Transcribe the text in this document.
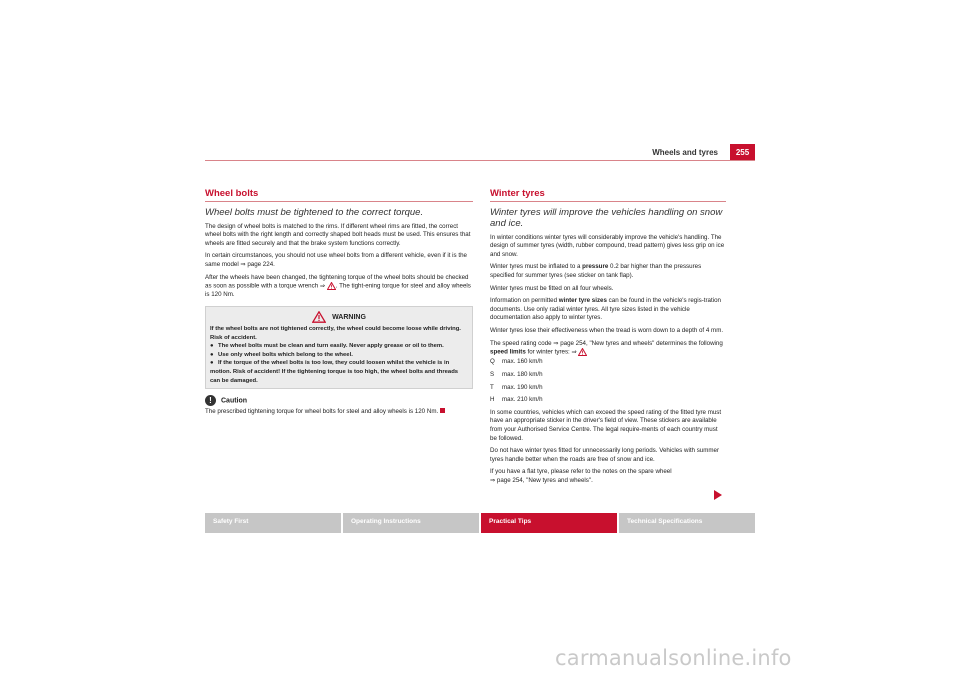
Wheels and tyres	255
Wheel bolts
Wheel bolts must be tightened to the correct torque.

The design of wheel bolts is matched to the rims. If different wheel rims are fitted, the correct wheel bolts with the right length and correctly shaped bolt heads must be used. This ensures that wheels are fitted securely and that the brake system functions correctly.

In certain circumstances, you should not use wheel bolts from a different vehicle, even if it is the same model ⇒ page 224.

After the wheels have been changed, the tightening torque of the wheel bolts should be checked as soon as possible with a torque wrench ⇒ . The tight-ening torque for steel and alloy wheels is 120 Nm.

WARNING

If the wheel bolts are not tightened correctly, the wheel could become loose while driving. Risk of accident.

● The wheel bolts must be clean and turn easily. Never apply grease or oil to them.

● Use only wheel bolts which belong to the wheel.

● If the torque of the wheel bolts is too low, they could loosen whilst the vehicle is in motion. Risk of accident! If the tightening torque is too high, the wheel bolts and threads can be damaged.

! Caution

The prescribed tightening torque for wheel bolts for steel and alloy wheels is 120 Nm.

Winter tyres
Winter tyres will improve the vehicles handling on snow and ice.

In winter conditions winter tyres will considerably improve the vehicle's handling. The design of summer tyres (width, rubber compound, tread pattern) gives less grip on ice and snow.

Winter tyres must be inflated to a pressure 0.2 bar higher than the pressures specified for summer tyres (see sticker on tank flap).

Winter tyres must be fitted on all four wheels.

Information on permitted winter tyre sizes can be found in the vehicle's regis-tration documents. Use only radial winter tyres. All tyre sizes listed in the vehicle documentation also apply to winter tyres.

Winter tyres lose their effectiveness when the tread is worn down to a depth of 4 mm.

The speed rating code ⇒ page 254, "New tyres and wheels" determines the following speed limits for winter tyres: ⇒

Q max. 160 km/h

S max. 180 km/h

T max. 190 km/h

H max. 210 km/h

In some countries, vehicles which can exceed the speed rating of the fitted tyre must have an appropriate sticker in the driver's field of view. These stickers are available from your Authorised Service Centre. The legal require-ments of each country must be followed.

Do not have winter tyres fitted for unnecessarily long periods. Vehicles with summer tyres handle better when the roads are free of snow and ice.

If you have a flat tyre, please refer to the notes on the spare wheel

⇒ page 254, "New tyres and wheels".

Safety First	Operating Instructions	Practical Tips	Technical Specifications
carmanualsonline.info
